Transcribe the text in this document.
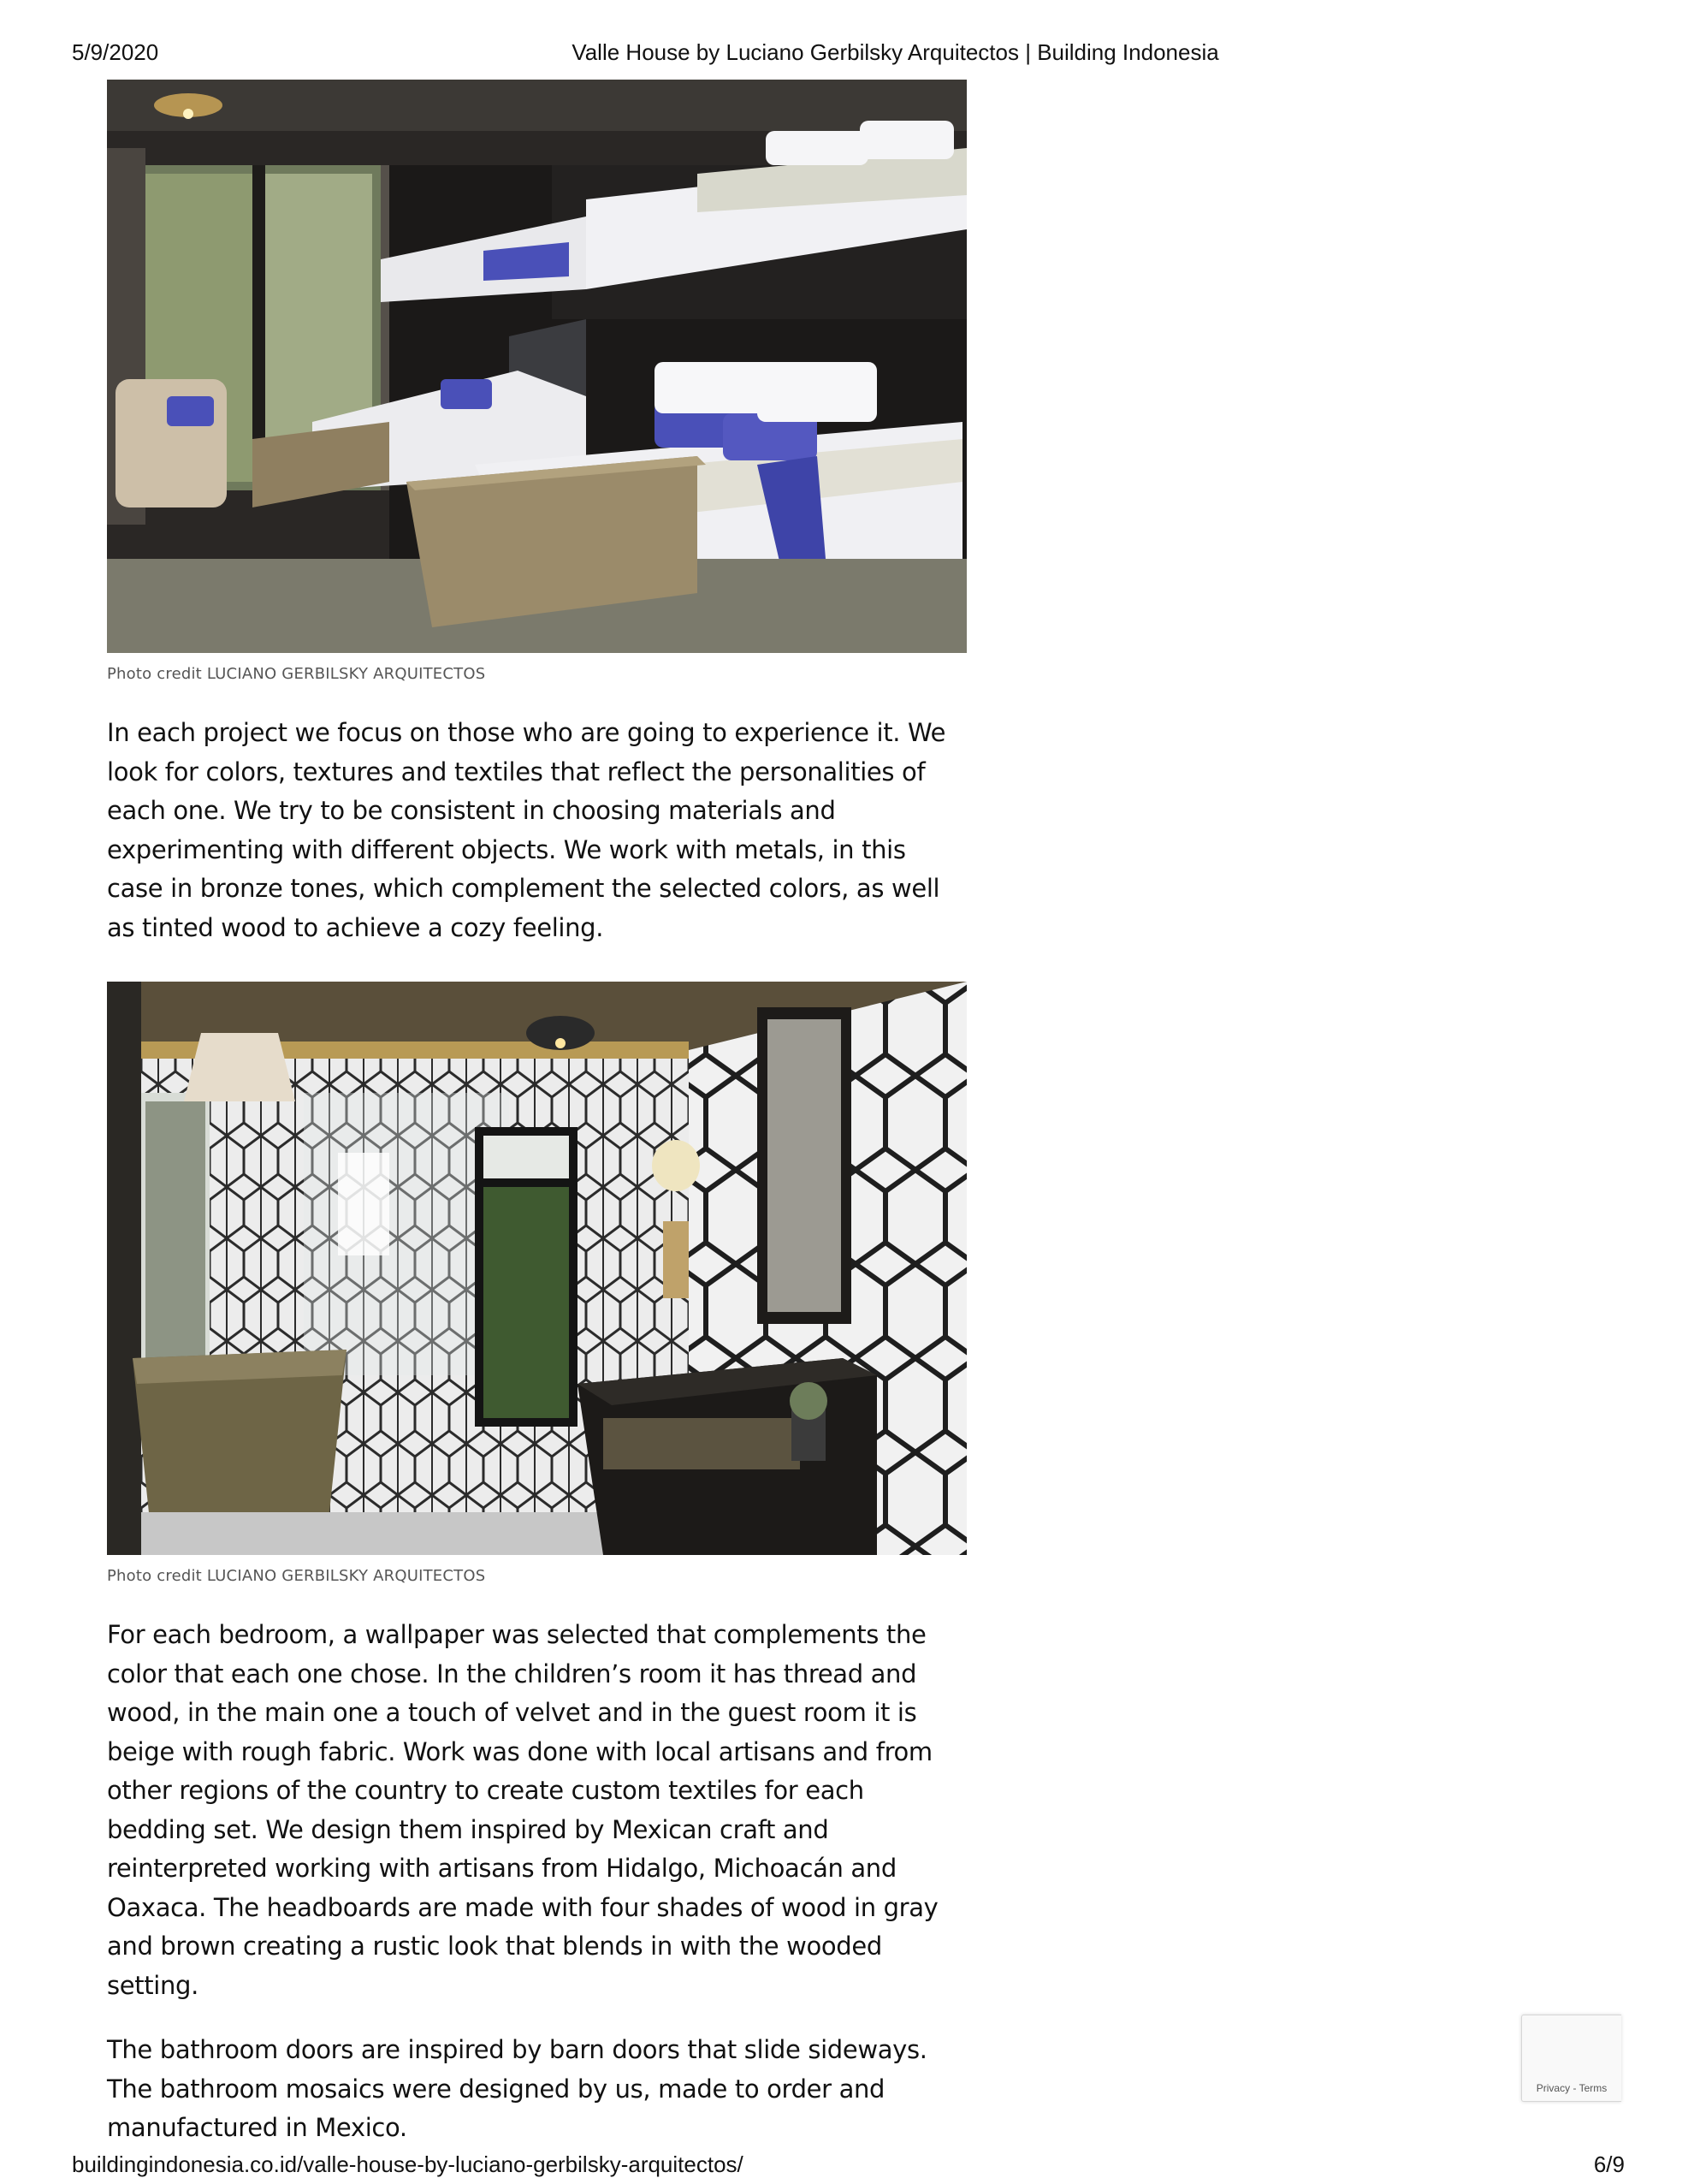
5/9/2020	Valle House by Luciano Gerbilsky Arquitectos | Building Indonesia

Photo credit LUCIANO GERBILSKY ARQUITECTOS

In each project we focus on those who are going to experience it. We look for colors, textures and textiles that reflect the personalities of each one. We try to be consistent in choosing materials and experimenting with different objects. We work with metals, in this case in bronze tones, which complement the selected colors, as well as tinted wood to achieve a cozy feeling.

Photo credit LUCIANO GERBILSKY ARQUITECTOS

For each bedroom, a wallpaper was selected that complements the color that each one chose. In the children’s room it has thread and wood, in the main one a touch of velvet and in the guest room it is beige with rough fabric. Work was done with local artisans and from other regions of the country to create custom textiles for each bedding set. We design them inspired by Mexican craft and reinterpreted working with artisans from Hidalgo, Michoacán and Oaxaca. The headboards are made with four shades of wood in gray and brown creating a rustic look that blends in with the wooded setting.

The bathroom doors are inspired by barn doors that slide sideways. The bathroom mosaics were designed by us, made to order and manufactured in Mexico.

Privacy - Terms
buildingindonesia.co.id/valle-house-by-luciano-gerbilsky-arquitectos/	6/9
